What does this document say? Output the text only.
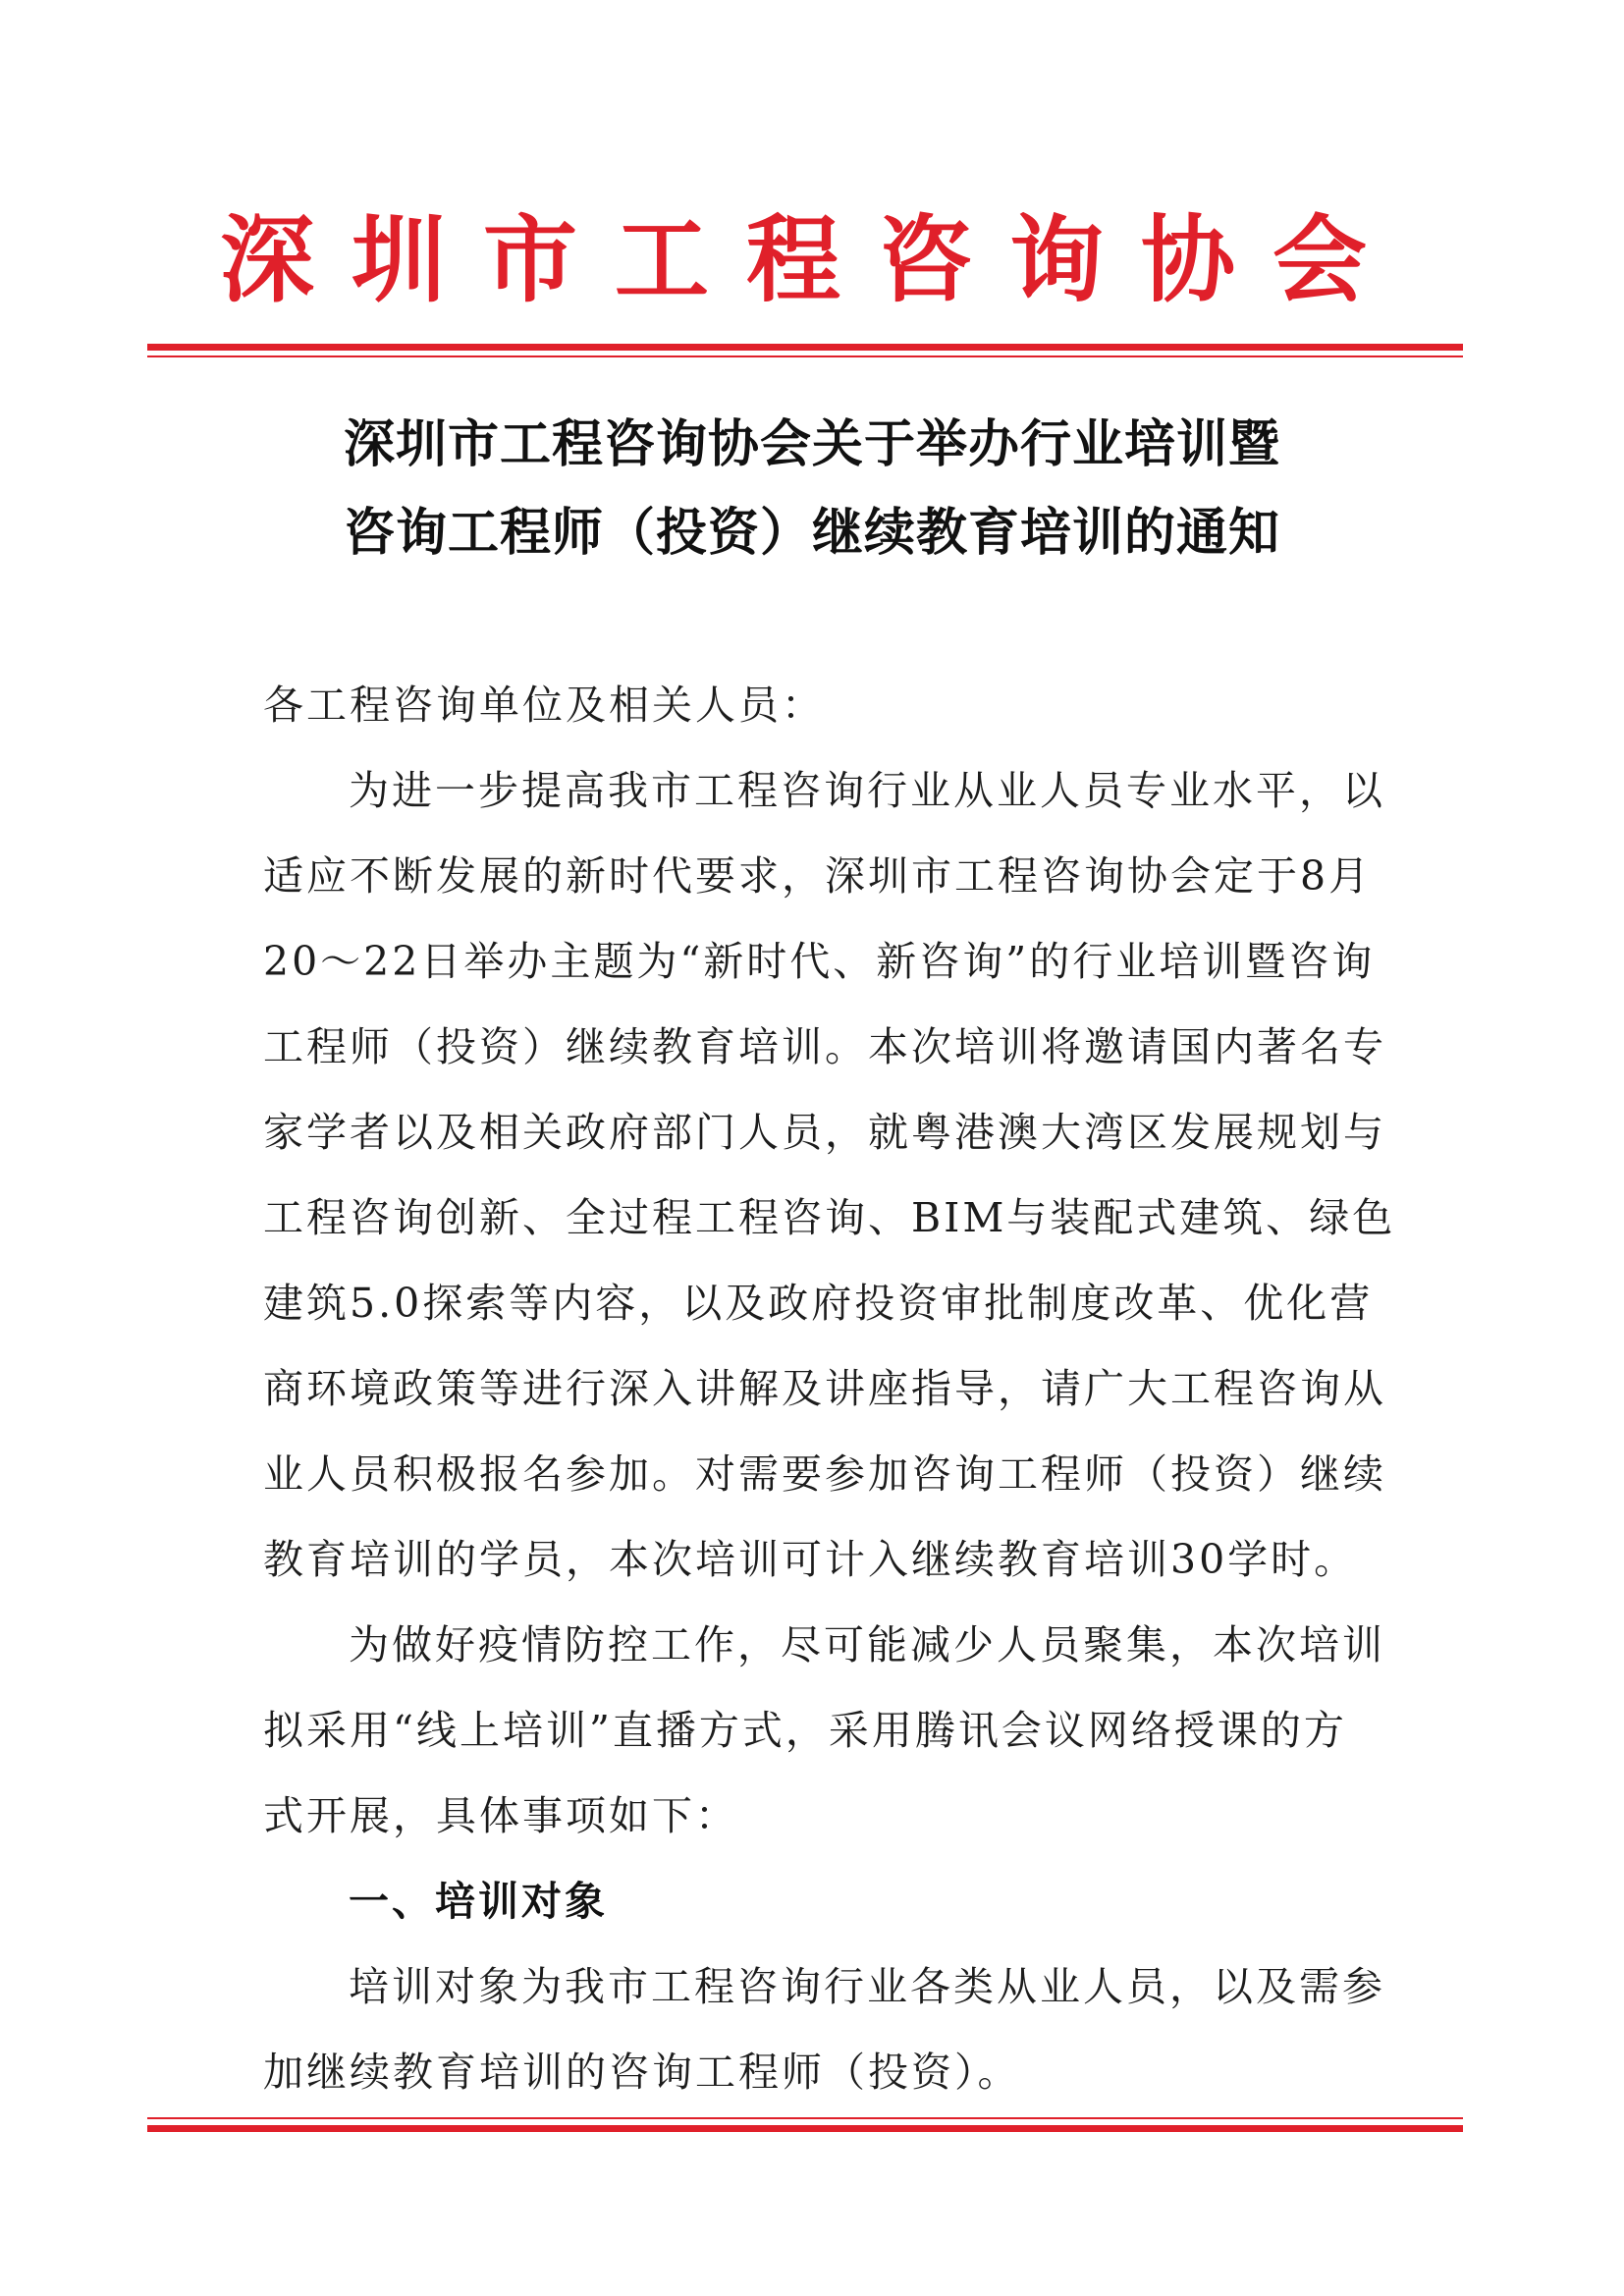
深圳市工程咨询协会
深圳市工程咨询协会关于举办行业培训暨
咨询工程师（投资）继续教育培训的通知
各工程咨询单位及相关人员：
为进一步提高我市工程咨询行业从业人员专业水平，以
适应不断发展的新时代要求，深圳市工程咨询协会定于8月
20～22日举办主题为“新时代、新咨询”的行业培训暨咨询
工程师（投资）继续教育培训。本次培训将邀请国内著名专
家学者以及相关政府部门人员，就粤港澳大湾区发展规划与
工程咨询创新、全过程工程咨询、BIM与装配式建筑、绿色
建筑5.0探索等内容，以及政府投资审批制度改革、优化营
商环境政策等进行深入讲解及讲座指导，请广大工程咨询从
业人员积极报名参加。对需要参加咨询工程师（投资）继续
教育培训的学员，本次培训可计入继续教育培训30学时。
为做好疫情防控工作，尽可能减少人员聚集，本次培训
拟采用“线上培训”直播方式，采用腾讯会议网络授课的方
式开展，具体事项如下：
一、培训对象
培训对象为我市工程咨询行业各类从业人员，以及需参
加继续教育培训的咨询工程师（投资）。
